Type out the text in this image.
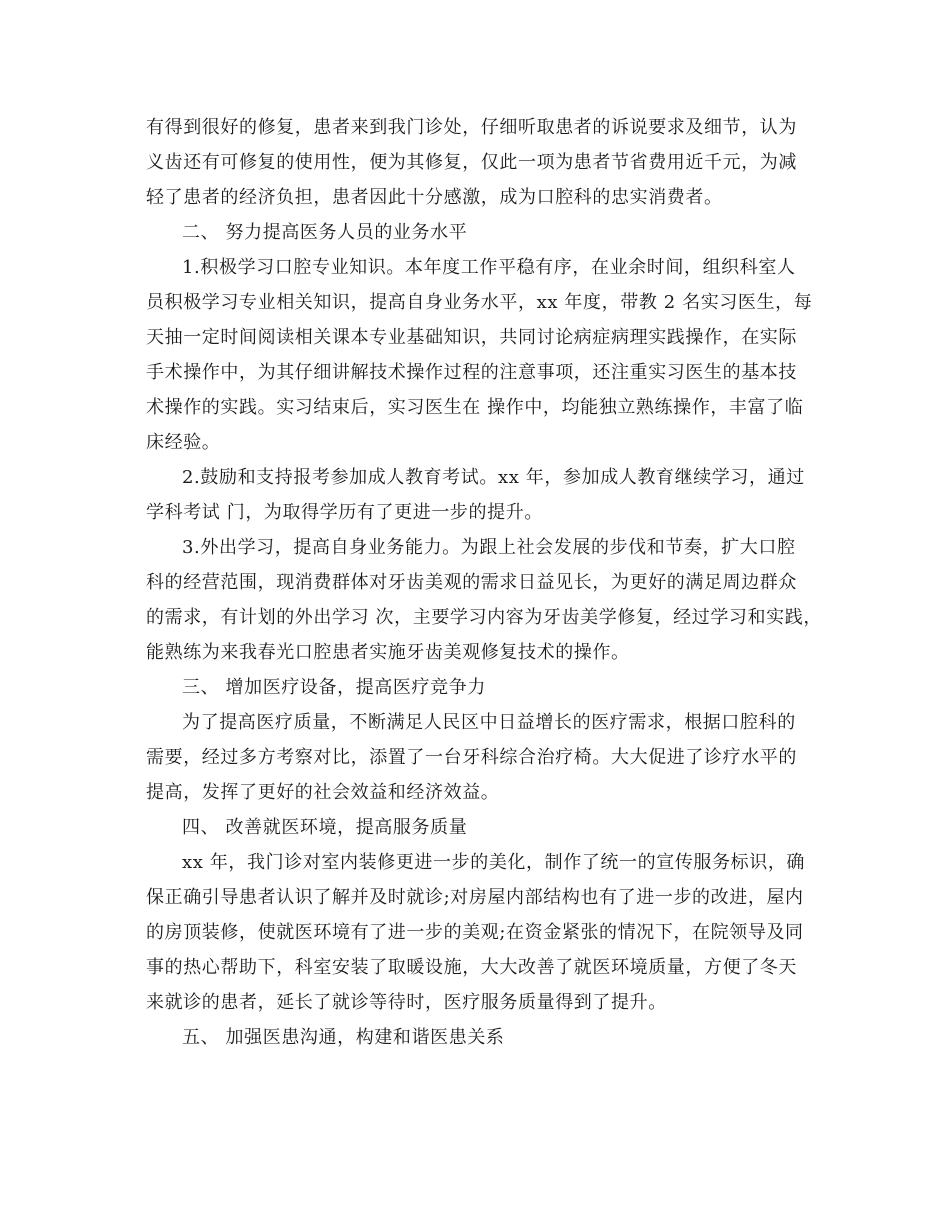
有得到很好的修复，患者来到我门诊处，仔细听取患者的诉说要求及细节，认为
义齿还有可修复的使用性，便为其修复，仅此一项为患者节省费用近千元，为减
轻了患者的经济负担，患者因此十分感激，成为口腔科的忠实消费者。
二、 努力提高医务人员的业务水平
1.积极学习口腔专业知识。本年度工作平稳有序，在业余时间，组织科室人
员积极学习专业相关知识，提高自身业务水平，xx 年度，带教 2 名实习医生，每
天抽一定时间阅读相关课本专业基础知识，共同讨论病症病理实践操作，在实际
手术操作中，为其仔细讲解技术操作过程的注意事项，还注重实习医生的基本技
术操作的实践。实习结束后，实习医生在 操作中，均能独立熟练操作，丰富了临
床经验。
2.鼓励和支持报考参加成人教育考试。xx 年，参加成人教育继续学习，通过
学科考试 门，为取得学历有了更进一步的提升。
3.外出学习，提高自身业务能力。为跟上社会发展的步伐和节奏，扩大口腔
科的经营范围，现消费群体对牙齿美观的需求日益见长，为更好的满足周边群众
的需求，有计划的外出学习 次，主要学习内容为牙齿美学修复，经过学习和实践，
能熟练为来我春光口腔患者实施牙齿美观修复技术的操作。
三、 增加医疗设备，提高医疗竞争力
为了提高医疗质量，不断满足人民区中日益增长的医疗需求，根据口腔科的
需要，经过多方考察对比，添置了一台牙科综合治疗椅。大大促进了诊疗水平的
提高，发挥了更好的社会效益和经济效益。
四、 改善就医环境，提高服务质量
xx 年，我门诊对室内装修更进一步的美化，制作了统一的宣传服务标识，确
保正确引导患者认识了解并及时就诊;对房屋内部结构也有了进一步的改进，屋内
的房顶装修，使就医环境有了进一步的美观;在资金紧张的情况下，在院领导及同
事的热心帮助下，科室安装了取暖设施，大大改善了就医环境质量，方便了冬天
来就诊的患者，延长了就诊等待时，医疗服务质量得到了提升。
五、 加强医患沟通，构建和谐医患关系
